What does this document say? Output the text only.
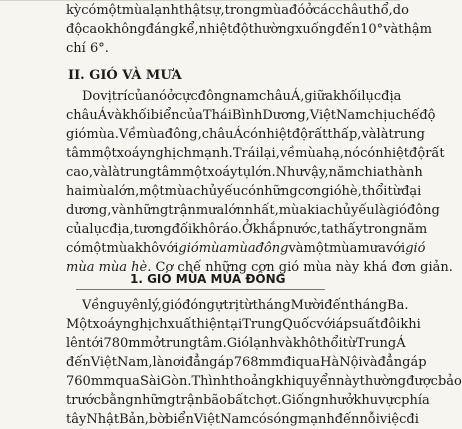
kỳ có một mùa lạnh thật sự, trong mùa đó ở các châu thổ, do
độ cao không đáng kể, nhiệt độ thường xuống đến 10° và thậm
chí 6°.
II. GIÓ VÀ MƯA
Do vị trí của nó ở cực đông nam châu Á, giữa khối lục địa
châu Á và khối biển của Thái Bình Dương, Việt Nam chịu chế độ
gió mùa. Về mùa đông, châu Á có nhiệt độ rất thấp, và là trung
tâm một xoáy nghịch mạnh. Trái lại, về mùa hạ, nó có nhiệt độ rất
cao, và là trung tâm một xoáy tụ lớn. Như vậy, năm chia thành
hai mùa lớn, một mùa chủ yếu có những cơn gió hè, thổi từ đại
dương, và những trận mưa lớn nhất, mùa kia chủ yếu là gió đông
của lục địa, tương đối khô ráo. Ở khắp nước, ta thấy trong năm
có một mùa khô với gió mùa mùa đông và một mùa mưa với gió
mùa mùa hè. Cơ chế những cơn gió mùa này khá đơn giản.
1. GIÓ MÙA MÙA ĐÔNG
Về nguyên lý, gió đó ngự trị từ tháng Mười đến tháng Ba.
Một xoáy nghịch xuất hiện tại Trung Quốc với áp suất đôi khi
lên tới 780 mm ở trung tâm. Gió lạnh và khô thổi từ Trung Á
đến Việt Nam, là nơi đẳng áp 768 mm đi qua Hà Nội và đẳng áp
760 mm qua Sài Gòn. Thình thoảng khi quyển này thường được bảo
trước bằng những trận bão bất chợt. Giống như ở khu vực phía
tây Nhật Bản, bờ biển Việt Nam có sóng mạnh đến nỗi việc đi
